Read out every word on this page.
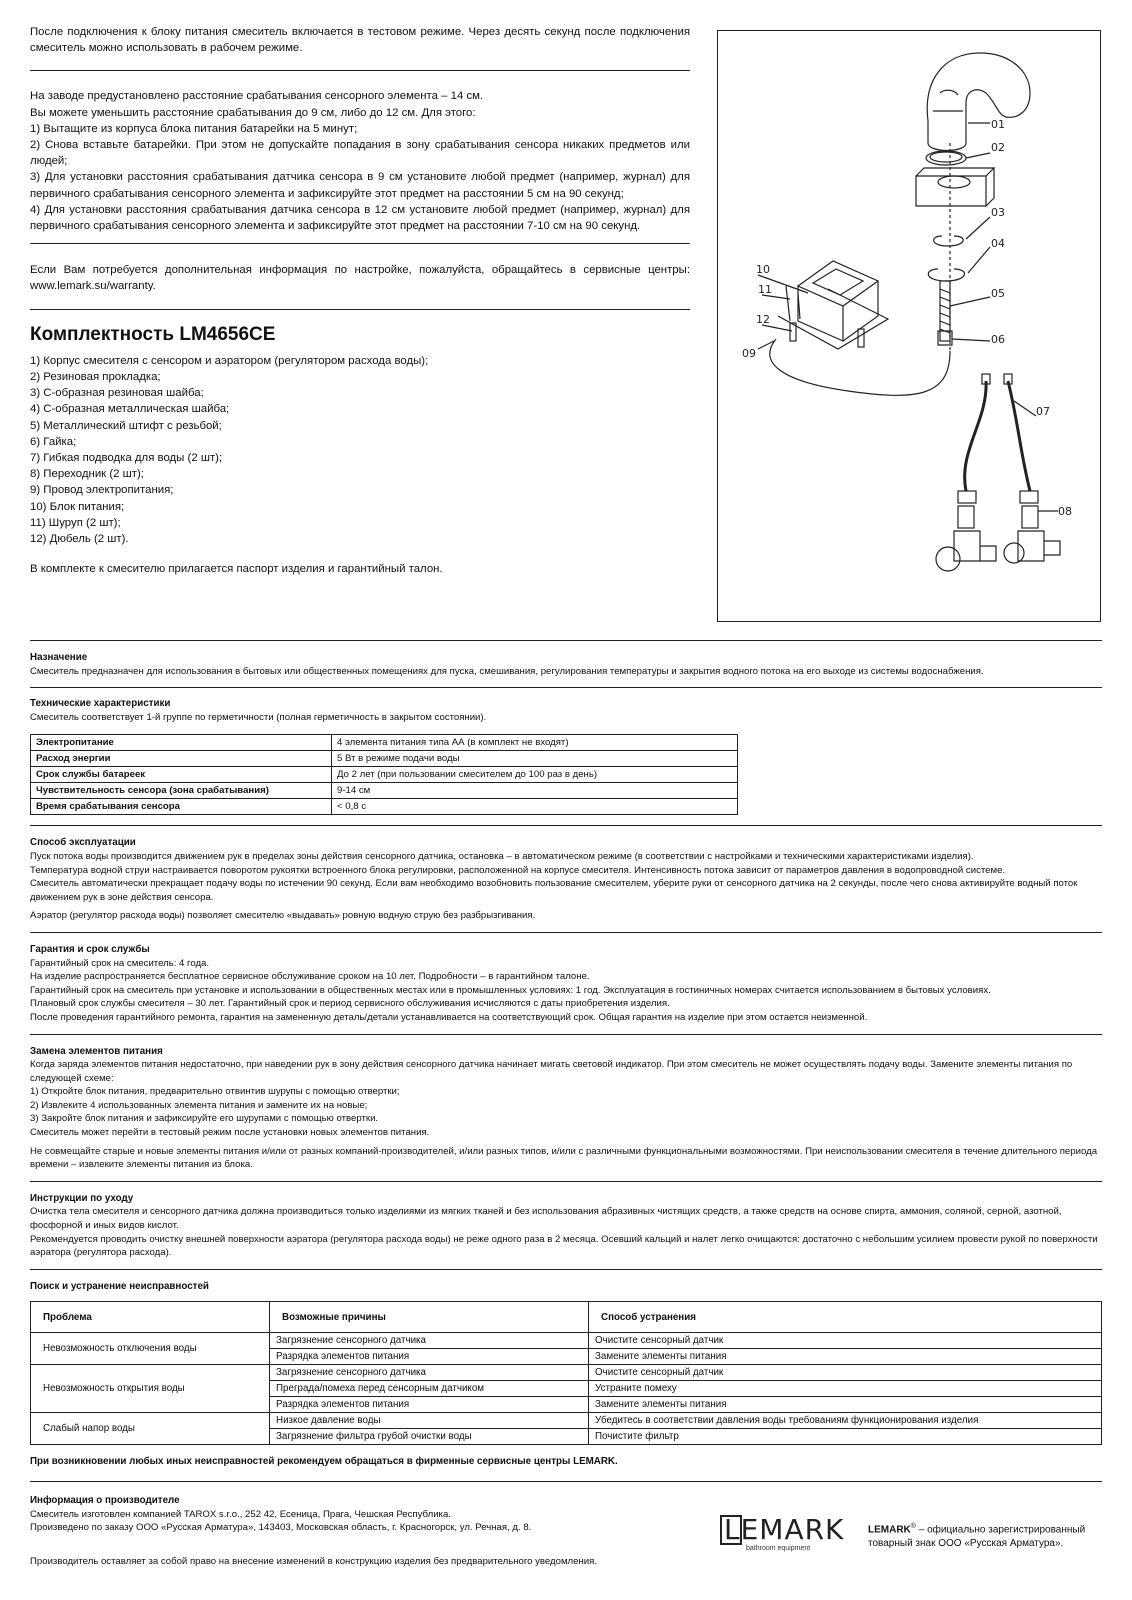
После подключения к блоку питания смеситель включается в тестовом режиме. Через десять секунд после подключения смеситель можно использовать в рабочем режиме.

На заводе предустановлено расстояние срабатывания сенсорного элемента – 14 см.

Вы можете уменьшить расстояние срабатывания до 9 см, либо до 12 см. Для этого:

1) Вытащите из корпуса блока питания батарейки на 5 минут;

2) Снова вставьте батарейки. При этом не допускайте попадания в зону срабатывания сенсора никаких предметов или людей;

3) Для установки расстояния срабатывания датчика сенсора в 9 см установите любой предмет (например, журнал) для первичного срабатывания сенсорного элемента и зафиксируйте этот предмет на расстоянии 5 см на 90 секунд;

4) Для установки расстояния срабатывания датчика сенсора в 12 см установите любой предмет (например, журнал) для первичного срабатывания сенсорного элемента и зафиксируйте этот предмет на расстоянии 7-10 см на 90 секунд.

Если Вам потребуется дополнительная информация по настройке, пожалуйста, обращайтесь в сервисные центры: www.lemark.su/warranty.

Комплектность LM4656CE
1) Корпус смесителя с сенсором и аэратором (регулятором расхода воды);
2) Резиновая прокладка;
3) С-образная резиновая шайба;
4) С-образная металлическая шайба;
5) Металлический штифт с резьбой;
6) Гайка;
7) Гибкая подводка для воды (2 шт);
8) Переходник (2 шт);
9) Провод электропитания;
10) Блок питания;
11) Шуруп (2 шт);
12) Дюбель (2 шт).

В комплекте к смесителю прилагается паспорт изделия и гарантийный талон.

01
02
03
04
05
06
07
08
09
10
11
12

Назначение

Смеситель предназначен для использования в бытовых или общественных помещениях для пуска, смешивания, регулирования температуры и закрытия водного потока на его выходе из системы водоснабжения.

Технические характеристики

Смеситель соответствует 1-й группе по герметичности (полная герметичность в закрытом состоянии).

Электропитание	4 элемента питания типа АА (в комплект не входят)
Расход энергии	5 Вт в режиме подачи воды
Срок службы батареек	До 2 лет (при пользовании смесителем до 100 раз в день)
Чувствительность сенсора (зона срабатывания)	9-14 см
Время срабатывания сенсора	< 0,8 с

Способ эксплуатации

Пуск потока воды производится движением рук в пределах зоны действия сенсорного датчика, остановка – в автоматическом режиме (в соответствии с настройками и техническими характеристиками изделия).

Температура водной струи настраивается поворотом рукоятки встроенного блока регулировки, расположенной на корпусе смесителя. Интенсивность потока зависит от параметров давления в водопроводной системе.

Смеситель автоматически прекращает подачу воды по истечении 90 секунд. Если вам необходимо возобновить пользование смесителем, уберите руки от сенсорного датчика на 2 секунды, после чего снова активируйте водный поток движением рук в зоне действия сенсора.

Аэратор (регулятор расхода воды) позволяет смесителю «выдавать» ровную водную струю без разбрызгивания.

Гарантия и срок службы

Гарантийный срок на смеситель: 4 года.

На изделие распространяется бесплатное сервисное обслуживание сроком на 10 лет. Подробности – в гарантийном талоне.

Гарантийный срок на смеситель при установке и использовании в общественных местах или в промышленных условиях: 1 год. Эксплуатация в гостиничных номерах считается использованием в бытовых условиях.

Плановый срок службы смесителя – 30 лет. Гарантийный срок и период сервисного обслуживания исчисляются с даты приобретения изделия.

После проведения гарантийного ремонта, гарантия на замененную деталь/детали устанавливается на соответствующий срок. Общая гарантия на изделие при этом остается неизменной.

Замена элементов питания

Когда заряда элементов питания недостаточно, при наведении рук в зону действия сенсорного датчика начинает мигать световой индикатор. При этом смеситель не может осуществлять подачу воды. Замените элементы питания по следующей схеме:

1) Откройте блок питания, предварительно отвинтив шурупы с помощью отвертки;

2) Извлеките 4 использованных элемента питания и замените их на новые;

3) Закройте блок питания и зафиксируйте его шурупами с помощью отвертки.

Смеситель может перейти в тестовый режим после установки новых элементов питания.

Не совмещайте старые и новые элементы питания и/или от разных компаний-производителей, и/или разных типов, и/или с различными функциональными возможностями. При неиспользовании смесителя в течение длительного периода времени – извлеките элементы питания из блока.

Инструкции по уходу

Очистка тела смесителя и сенсорного датчика должна производиться только изделиями из мягких тканей и без использования абразивных чистящих средств, а также средств на основе спирта, аммония, соляной, серной, азотной, фосфорной и иных видов кислот.

Рекомендуется проводить очистку внешней поверхности аэратора (регулятора расхода воды) не реже одного раза в 2 месяца. Осевший кальций и налет легко очищаются: достаточно с небольшим усилием провести рукой по поверхности аэратора (регулятора расхода).

Поиск и устранение неисправностей

Проблема	Возможные причины	Способ устранения
Невозможность отключения воды	Загрязнение сенсорного датчика	Очистите сенсорный датчик
	Разрядка элементов питания	Замените элементы питания
Невозможность открытия воды	Загрязнение сенсорного датчика	Очистите сенсорный датчик
	Преграда/помеха перед сенсорным датчиком	Устраните помеху
	Разрядка элементов питания	Замените элементы питания
Слабый напор воды	Низкое давление воды	Убедитесь в соответствии давления воды требованиям функционирования изделия
	Загрязнение фильтра грубой очистки воды	Почистите фильтр

При возникновении любых иных неисправностей рекомендуем обращаться в фирменные сервисные центры LEMARK.

Информация о производителе

Смеситель изготовлен компанией TAROX s.r.o., 252 42, Есеница, Прага, Чешская Республика.

Произведено по заказу ООО «Русская Арматура», 143403, Московская область, г. Красногорск, ул. Речная, д. 8.

Производитель оставляет за собой право на внесение изменений в конструкцию изделия без предварительного уведомления.

LEMARK
bathroom equipment
LEMARK® – официально зарегистрированный
товарный знак ООО «Русская Арматура».
